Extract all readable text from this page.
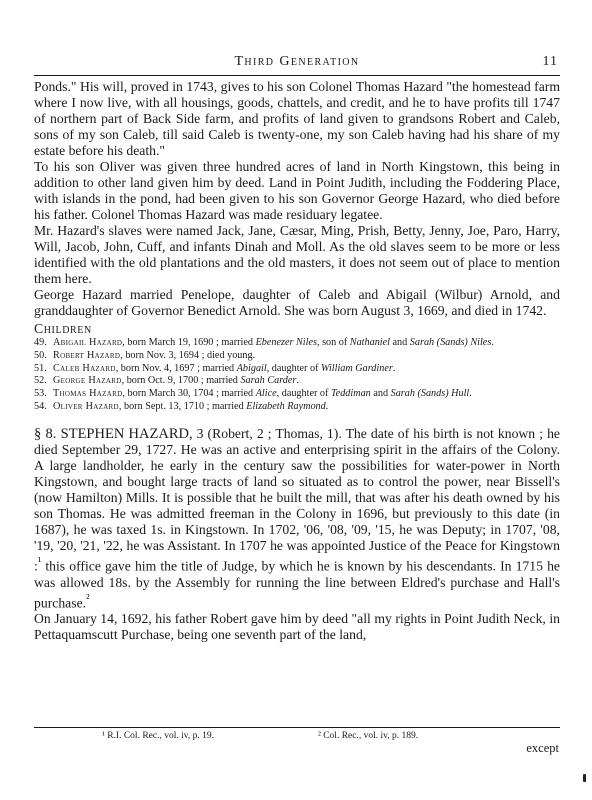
Third Generation	11

Ponds." His will, proved in 1743, gives to his son Colonel Thomas Hazard "the homestead farm where I now live, with all housings, goods, chattels, and credit, and he to have profits till 1747 of northern part of Back Side farm, and profits of land given to grandsons Robert and Caleb, sons of my son Caleb, till said Caleb is twenty-one, my son Caleb having had his share of my estate before his death."

To his son Oliver was given three hundred acres of land in North Kingstown, this being in addition to other land given him by deed. Land in Point Judith, including the Foddering Place, with islands in the pond, had been given to his son Governor George Hazard, who died before his father. Colonel Thomas Hazard was made residuary legatee.

Mr. Hazard's slaves were named Jack, Jane, Cæsar, Ming, Prish, Betty, Jenny, Joe, Paro, Harry, Will, Jacob, John, Cuff, and infants Dinah and Moll. As the old slaves seem to be more or less identified with the old plantations and the old masters, it does not seem out of place to mention them here.

George Hazard married Penelope, daughter of Caleb and Abigail (Wilbur) Arnold, and granddaughter of Governor Benedict Arnold. She was born August 3, 1669, and died in 1742.

Children
49. Abigail Hazard, born March 19, 1690 ; married Ebenezer Niles, son of Nathaniel and Sarah (Sands) Niles.
50. Robert Hazard, born Nov. 3, 1694 ; died young.
51. Caleb Hazard, born Nov. 4, 1697 ; married Abigail, daughter of William Gardiner.
52. George Hazard, born Oct. 9, 1700 ; married Sarah Carder.
53. Thomas Hazard, born March 30, 1704 ; married Alice, daughter of Teddiman and Sarah (Sands) Hull.
54. Oliver Hazard, born Sept. 13, 1710 ; married Elizabeth Raymond.

§ 8. STEPHEN HAZARD, 3 (Robert, 2 ; Thomas, 1). The date of his birth is not known ; he died September 29, 1727. He was an active and enterprising spirit in the affairs of the Colony. A large landholder, he early in the century saw the possibilities for water-power in North Kingstown, and bought large tracts of land so situated as to control the power, near Bissell's (now Hamilton) Mills. It is possible that he built the mill, that was after his death owned by his son Thomas. He was admitted freeman in the Colony in 1696, but previously to this date (in 1687), he was taxed 1s. in Kingstown. In 1702, '06, '08, '09, '15, he was Deputy; in 1707, '08, '19, '20, '21, '22, he was Assistant. In 1707 he was appointed Justice of the Peace for Kingstown :$^{^1}$ this office gave him the title of Judge, by which he is known by his descendants. In 1715 he was allowed 18s. by the Assembly for running the line between Eldred's purchase and Hall's purchase.$^{^2}$

On January 14, 1692, his father Robert gave him by deed "all my rights in Point Judith Neck, in Pettaquamscutt Purchase, being one seventh part of the land,

¹ R.I. Col. Rec., vol. iv, p. 19.	² Col. Rec., vol. iv, p. 189.
except
